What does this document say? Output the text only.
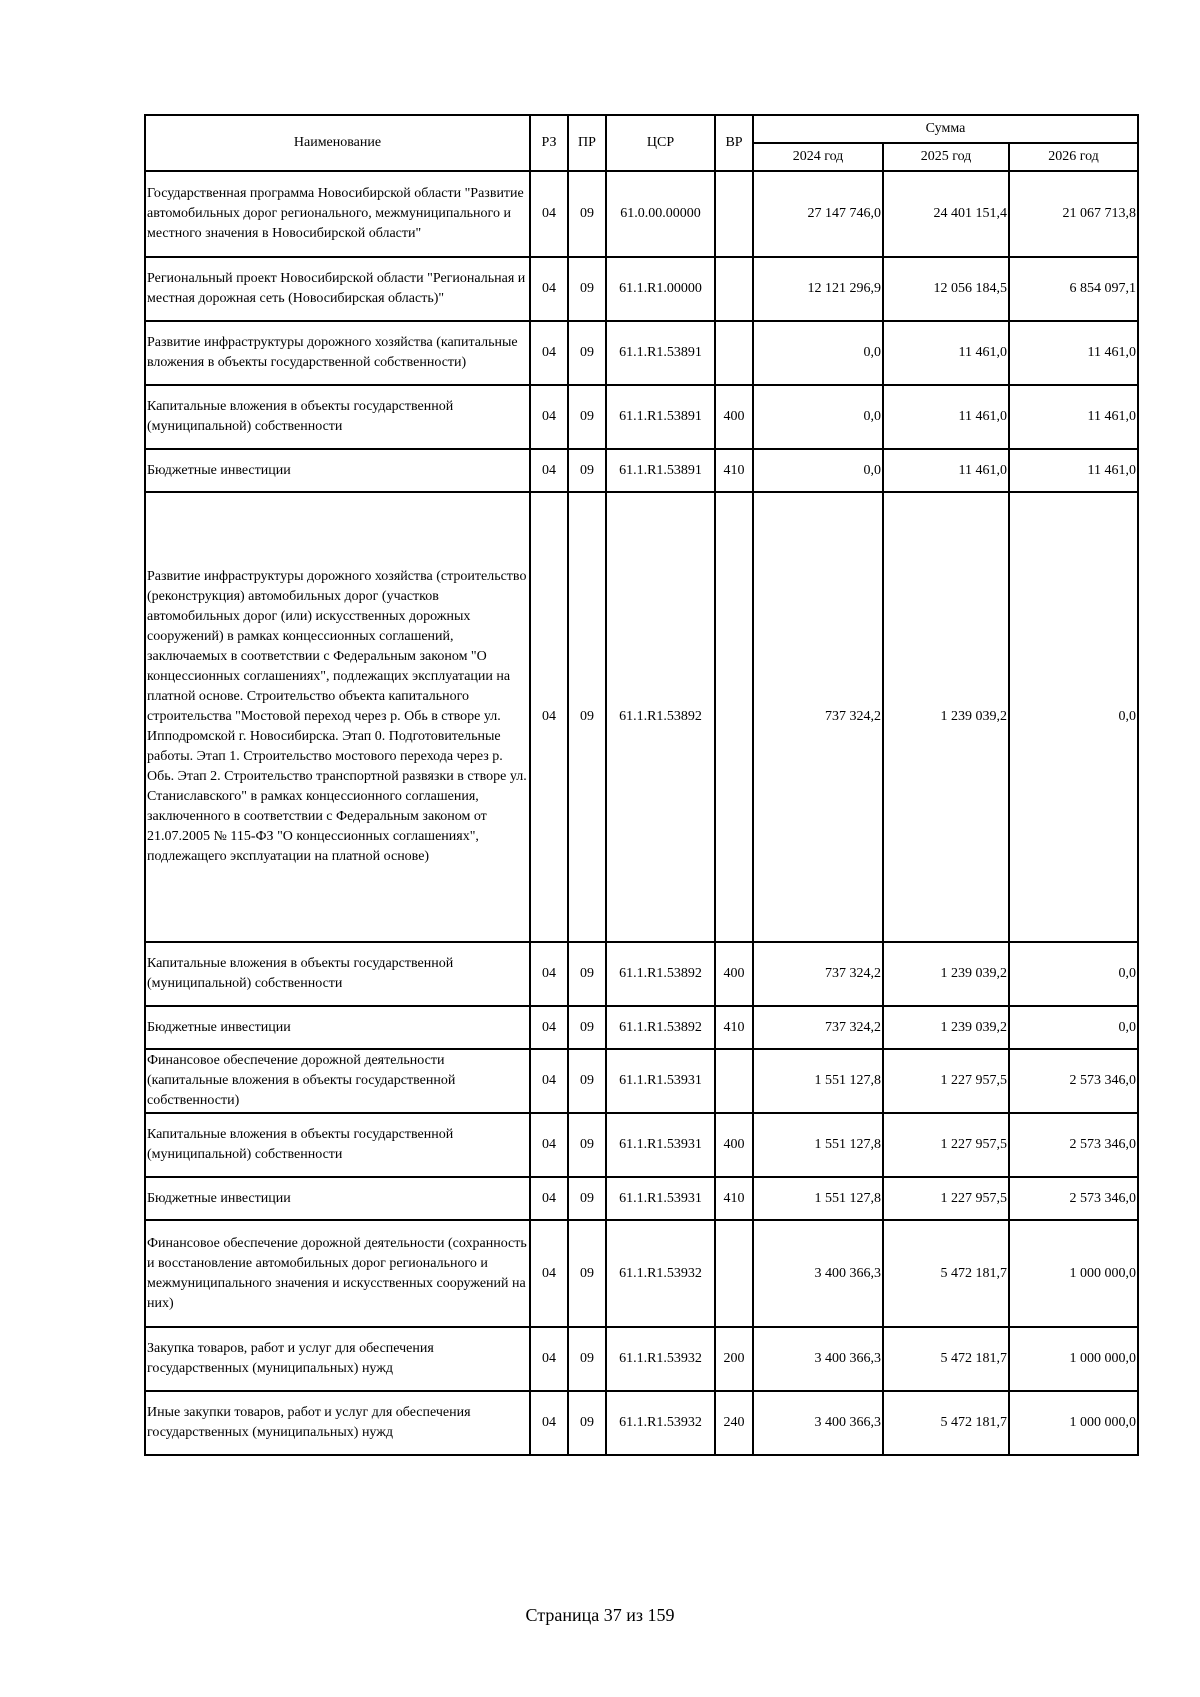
Наименование	РЗ	ПР	ЦСР	ВР	Сумма		
					2024 год	2025 год	2026 год
Государственная программа Новосибирской области "Развитие автомобильных дорог регионального, межмуниципального и местного значения в Новосибирской области"	04	09	61.0.00.00000		27 147 746,0	24 401 151,4	21 067 713,8
Региональный проект Новосибирской области "Региональная и местная дорожная сеть (Новосибирская область)"	04	09	61.1.R1.00000		12 121 296,9	12 056 184,5	6 854 097,1
Развитие инфраструктуры дорожного хозяйства (капитальные вложения в объекты государственной собственности)	04	09	61.1.R1.53891		0,0	11 461,0	11 461,0
Капитальные вложения в объекты государственной (муниципальной) собственности	04	09	61.1.R1.53891	400	0,0	11 461,0	11 461,0
Бюджетные инвестиции	04	09	61.1.R1.53891	410	0,0	11 461,0	11 461,0
Развитие инфраструктуры дорожного хозяйства (строительство (реконструкция) автомобильных дорог (участков автомобильных дорог (или) искусственных дорожных сооружений) в рамках концессионных соглашений, заключаемых в соответствии с Федеральным законом "О концессионных соглашениях", подлежащих эксплуатации на платной основе. Строительство объекта капитального строительства "Мостовой переход через р. Обь в створе ул. Ипподромской г. Новосибирска. Этап 0. Подготовительные работы. Этап 1. Строительство мостового перехода через р. Обь. Этап 2. Строительство транспортной развязки в створе ул. Станиславского" в рамках концессионного соглашения, заключенного в соответствии с Федеральным законом от 21.07.2005 № 115-ФЗ "О концессионных соглашениях", подлежащего эксплуатации на платной основе)	04	09	61.1.R1.53892		737 324,2	1 239 039,2	0,0
Капитальные вложения в объекты государственной (муниципальной) собственности	04	09	61.1.R1.53892	400	737 324,2	1 239 039,2	0,0
Бюджетные инвестиции	04	09	61.1.R1.53892	410	737 324,2	1 239 039,2	0,0
Финансовое обеспечение дорожной деятельности (капитальные вложения в объекты государственной собственности)	04	09	61.1.R1.53931		1 551 127,8	1 227 957,5	2 573 346,0
Капитальные вложения в объекты государственной (муниципальной) собственности	04	09	61.1.R1.53931	400	1 551 127,8	1 227 957,5	2 573 346,0
Бюджетные инвестиции	04	09	61.1.R1.53931	410	1 551 127,8	1 227 957,5	2 573 346,0
Финансовое обеспечение дорожной деятельности (сохранность и восстановление автомобильных дорог регионального и межмуниципального значения и искусственных сооружений на них)	04	09	61.1.R1.53932		3 400 366,3	5 472 181,7	1 000 000,0
Закупка товаров, работ и услуг для обеспечения государственных (муниципальных) нужд	04	09	61.1.R1.53932	200	3 400 366,3	5 472 181,7	1 000 000,0
Иные закупки товаров, работ и услуг для обеспечения государственных (муниципальных) нужд	04	09	61.1.R1.53932	240	3 400 366,3	5 472 181,7	1 000 000,0
Страница 37 из 159
